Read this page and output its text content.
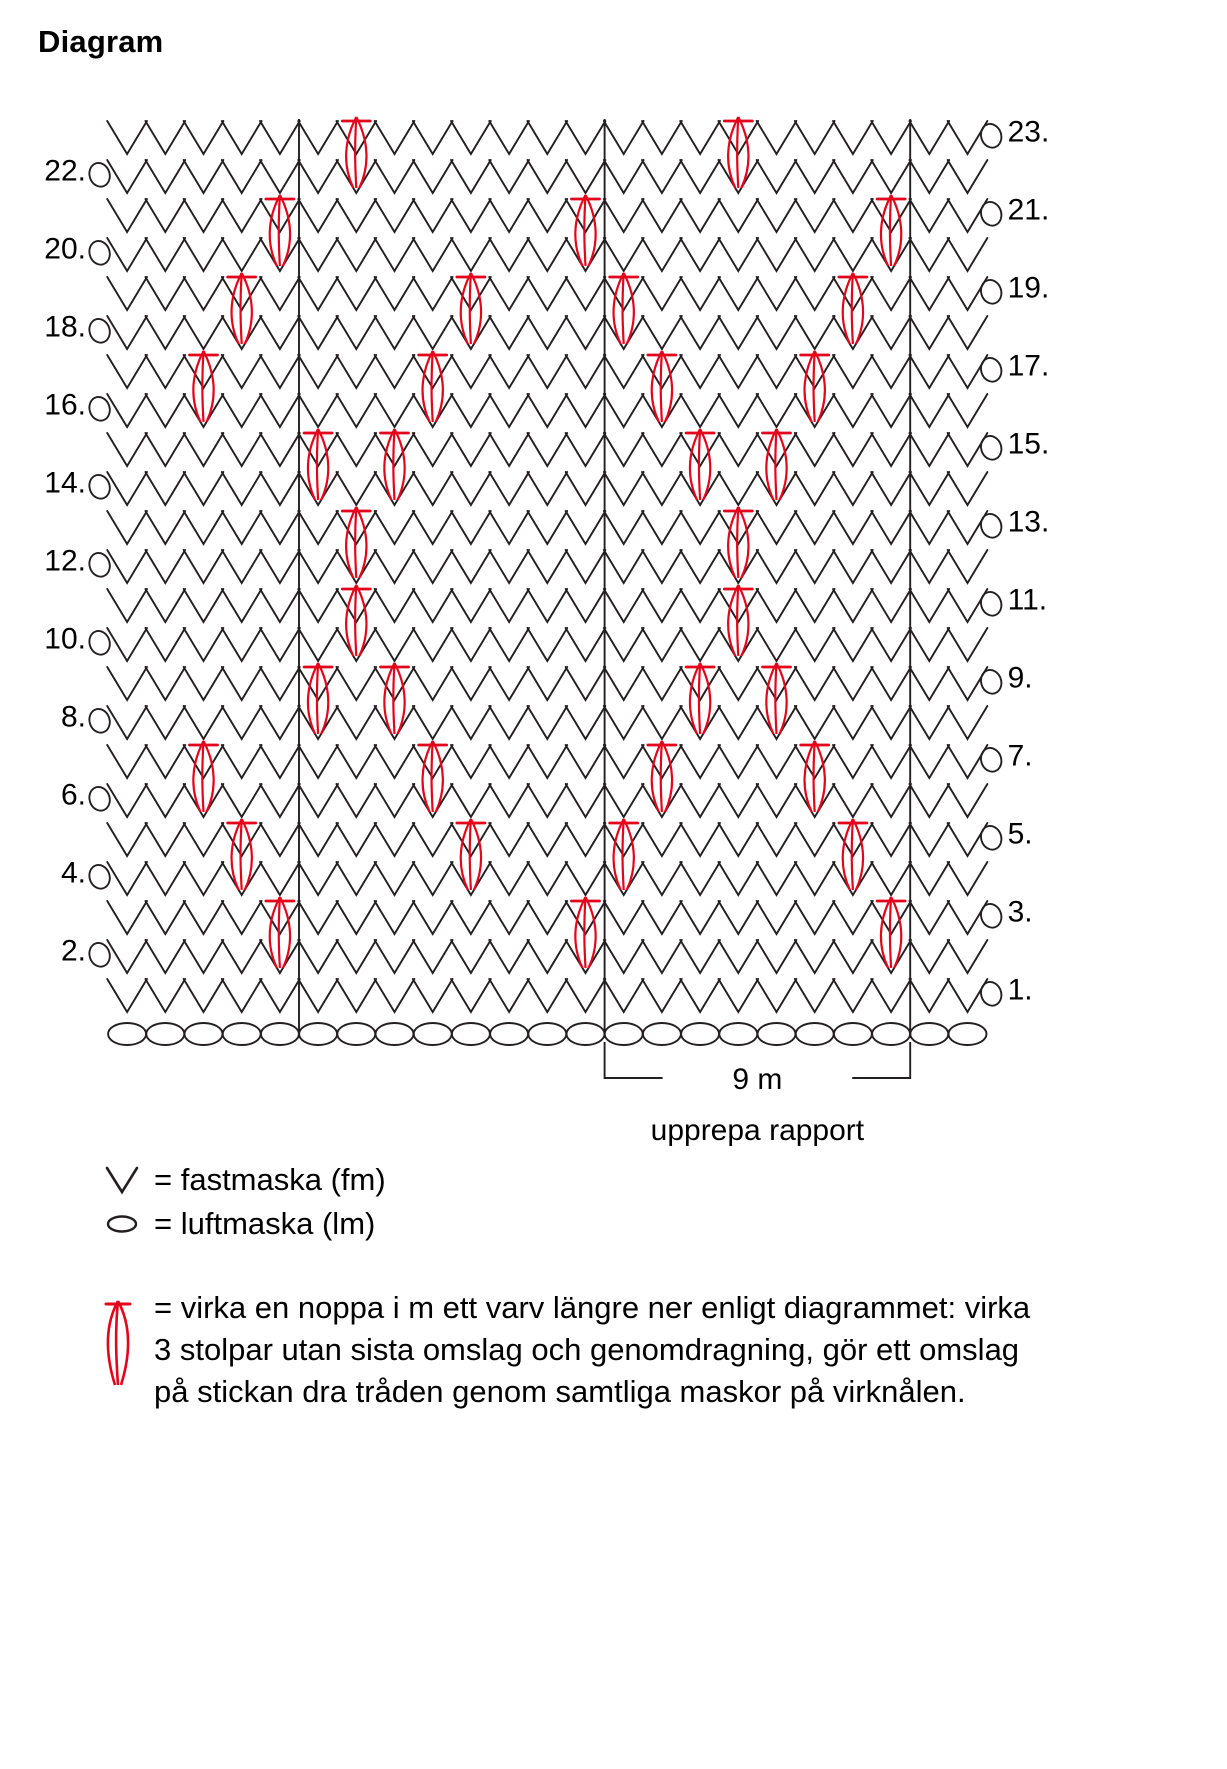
Diagram
9 m
upprepa rapport
2.
4.
6.
8.
10.
12.
14.
16.
18.
20.
22.
1.
3.
5.
7.
9.
11.
13.
15.
17.
19.
21.
23.
= fastmaska (fm)
= luftmaska (lm)
= virka en noppa i m ett varv längre ner enligt diagrammet: virka 3 stolpar utan sista omslag och genomdragning, gör ett omslag på stickan dra tråden genom samtliga maskor på virknålen.
